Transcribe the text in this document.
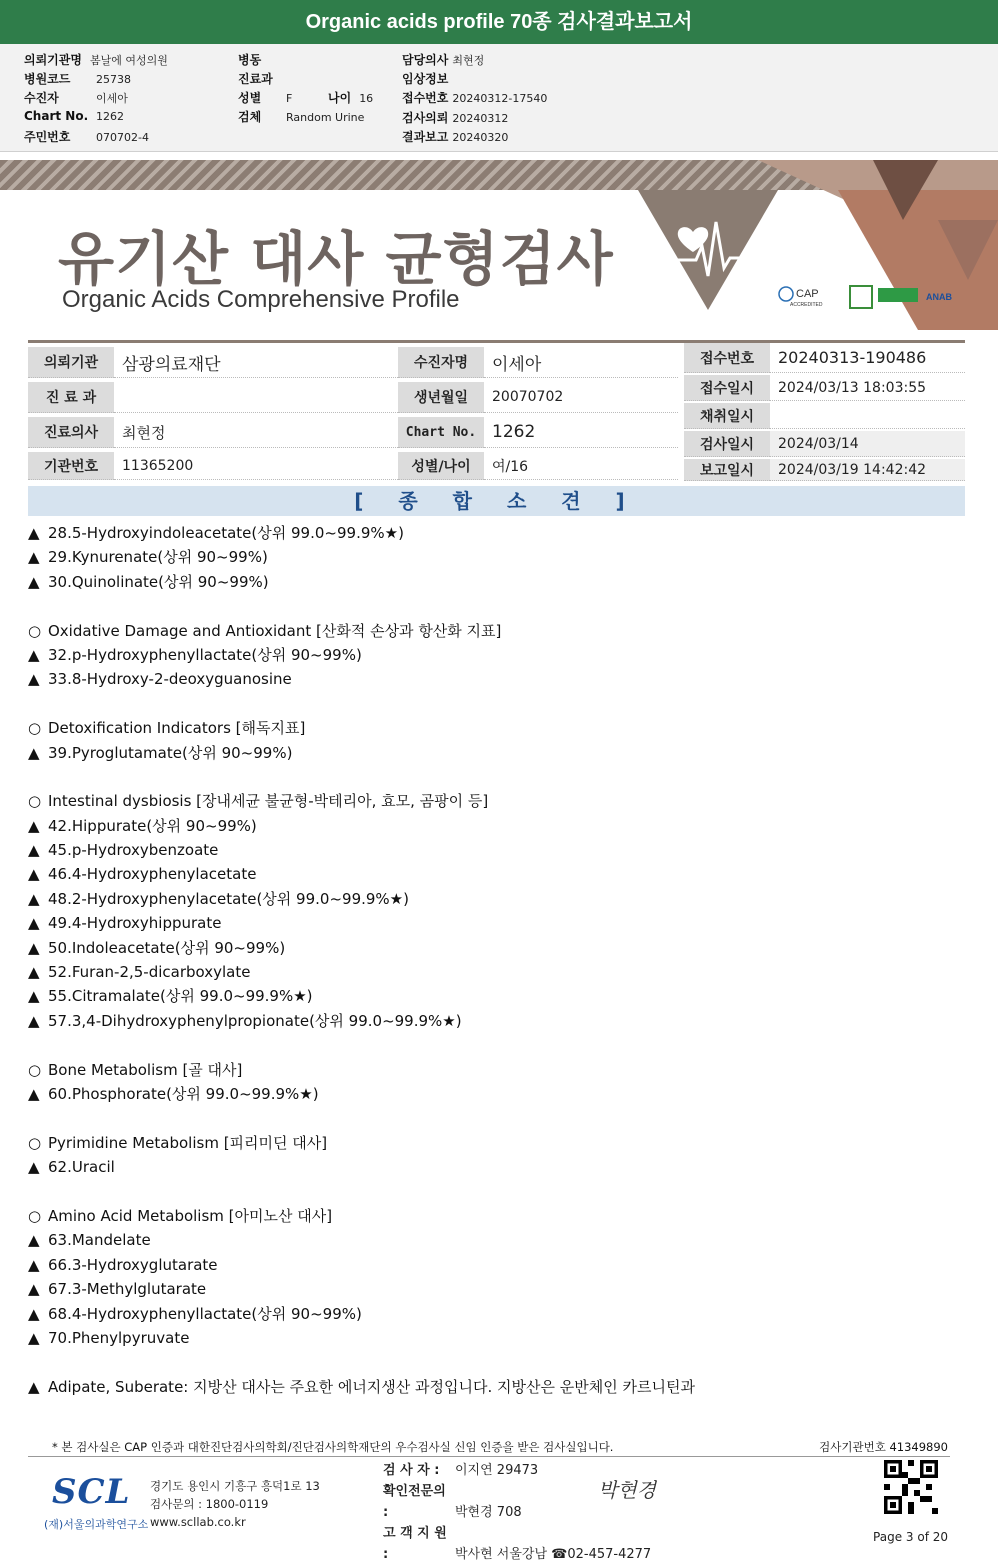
Organic acids profile 70종 검사결과보고서
의뢰기관명 봄날에 여성의원
병원코드 25738
수진자	이세아
Chart No. 1262
주민번호 070702-4
병동
진료과
성별 F	나이 16
검체 Random Urine
담당의사 최현정
임상정보
접수번호 20240312-17540
검사의뢰 20240312
결과보고 20240320
유기산 대사 균형검사
Organic Acids Comprehensive Profile	CAP
ACCREDITED
ANAB
의뢰기관	삼광의료재단
진 료 과
진료의사	최현정
기관번호	11365200
수진자명	이세아
생년월일	20070702
Chart No. 1262
성별/나이	여/16
접수번호	20240313-190486
접수일시	2024/03/13 18:03:55
채취일시
검사일시	2024/03/14
보고일시	2024/03/19 14:42:42
[ 종 합 소 견 ]
▲ 28.5-Hydroxyindoleacetate(상위 99.0~99.9%★)
▲ 29.Kynurenate(상위 90~99%)
▲ 30.Quinolinate(상위 90~99%)
○ Oxidative Damage and Antioxidant [산화적 손상과 항산화 지표]
▲ 32.p-Hydroxyphenyllactate(상위 90~99%)
▲ 33.8-Hydroxy-2-deoxyguanosine
○ Detoxification Indicators [해독지표]
▲ 39.Pyroglutamate(상위 90~99%)
○ Intestinal dysbiosis [장내세균 불균형-박테리아, 효모, 곰팡이 등]
▲ 42.Hippurate(상위 90~99%)
▲ 45.p-Hydroxybenzoate
▲ 46.4-Hydroxyphenylacetate
▲ 48.2-Hydroxyphenylacetate(상위 99.0~99.9%★)
▲ 49.4-Hydroxyhippurate
▲ 50.Indoleacetate(상위 90~99%)
▲ 52.Furan-2,5-dicarboxylate
▲ 55.Citramalate(상위 99.0~99.9%★)
▲ 57.3,4-Dihydroxyphenylpropionate(상위 99.0~99.9%★)
○ Bone Metabolism [골 대사]
▲ 60.Phosphorate(상위 99.0~99.9%★)
○ Pyrimidine Metabolism [피리미딘 대사]
▲ 62.Uracil
○ Amino Acid Metabolism [아미노산 대사]
▲ 63.Mandelate
▲ 66.3-Hydroxyglutarate
▲ 67.3-Methylglutarate
▲ 68.4-Hydroxyphenyllactate(상위 90~99%)
▲ 70.Phenylpyruvate
▲ Adipate, Suberate: 지방산 대사는 주요한 에너지생산 과정입니다. 지방산은 운반체인 카르니틴과
* 본 검사실은 CAP 인증과 대한진단검사의학회/진단검사의학재단의 우수검사실 신임 인증을 받은 검사실입니다.	검사기관번호 41349890
SCL
(재)서울의과학연구소
경기도 용인시 기흥구 흥덕1로 13
검사문의 : 1800-0119
www.scllab.co.kr
검 사 자 : 이지연 29473
확인전문의 :	박현경 708
고 객 지 원 :	박사현 서울강남 ☎02-457-4277
박현경
Page 3 of 20
